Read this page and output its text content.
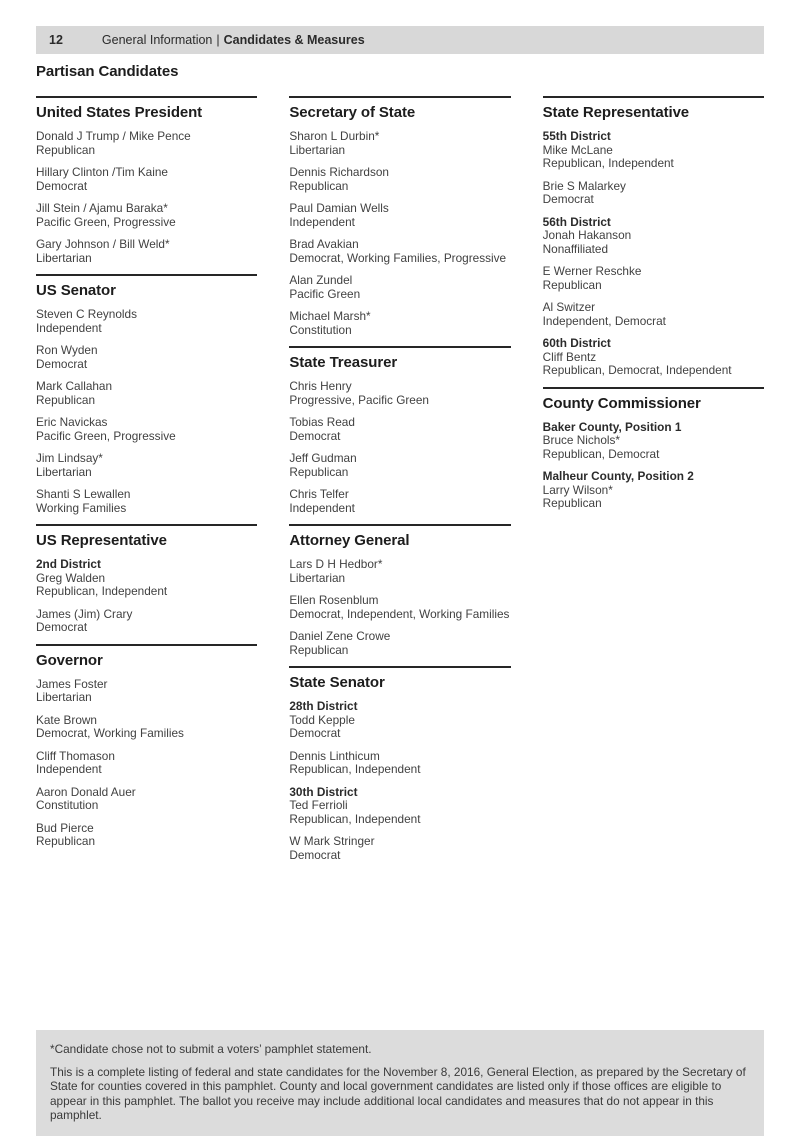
12	General Information | Candidates & Measures
Partisan Candidates
United States President
Donald J Trump / Mike Pence
Republican
Hillary Clinton /Tim Kaine
Democrat
Jill Stein / Ajamu Baraka*
Pacific Green, Progressive
Gary Johnson / Bill Weld*
Libertarian
US Senator
Steven C Reynolds
Independent
Ron Wyden
Democrat
Mark Callahan
Republican
Eric Navickas
Pacific Green, Progressive
Jim Lindsay*
Libertarian
Shanti S Lewallen
Working Families
US Representative
2nd District
Greg Walden
Republican, Independent
James (Jim) Crary
Democrat
Governor
James Foster
Libertarian
Kate Brown
Democrat, Working Families
Cliff Thomason
Independent
Aaron Donald Auer
Constitution
Bud Pierce
Republican
Secretary of State
Sharon L Durbin*
Libertarian
Dennis Richardson
Republican
Paul Damian Wells
Independent
Brad Avakian
Democrat, Working Families, Progressive
Alan Zundel
Pacific Green
Michael Marsh*
Constitution
State Treasurer
Chris Henry
Progressive, Pacific Green
Tobias Read
Democrat
Jeff Gudman
Republican
Chris Telfer
Independent
Attorney General
Lars D H Hedbor*
Libertarian
Ellen Rosenblum
Democrat, Independent, Working Families
Daniel Zene Crowe
Republican
State Senator
28th District
Todd Kepple
Democrat
Dennis Linthicum
Republican, Independent
30th District
Ted Ferrioli
Republican, Independent
W Mark Stringer
Democrat
State Representative
55th District
Mike McLane
Republican, Independent
Brie S Malarkey
Democrat
56th District
Jonah Hakanson
Nonaffiliated
E Werner Reschke
Republican
Al Switzer
Independent, Democrat
60th District
Cliff Bentz
Republican, Democrat, Independent
County Commissioner
Baker County, Position 1
Bruce Nichols*
Republican, Democrat
Malheur County, Position 2
Larry Wilson*
Republican

*Candidate chose not to submit a voters’ pamphlet statement.

This is a complete listing of federal and state candidates for the November 8, 2016, General Election, as prepared by the Secretary of State for counties covered in this pamphlet. County and local government candidates are listed only if those offices are eligible to appear in this pamphlet. The ballot you receive may include additional local candidates and measures that do not appear in this pamphlet.
